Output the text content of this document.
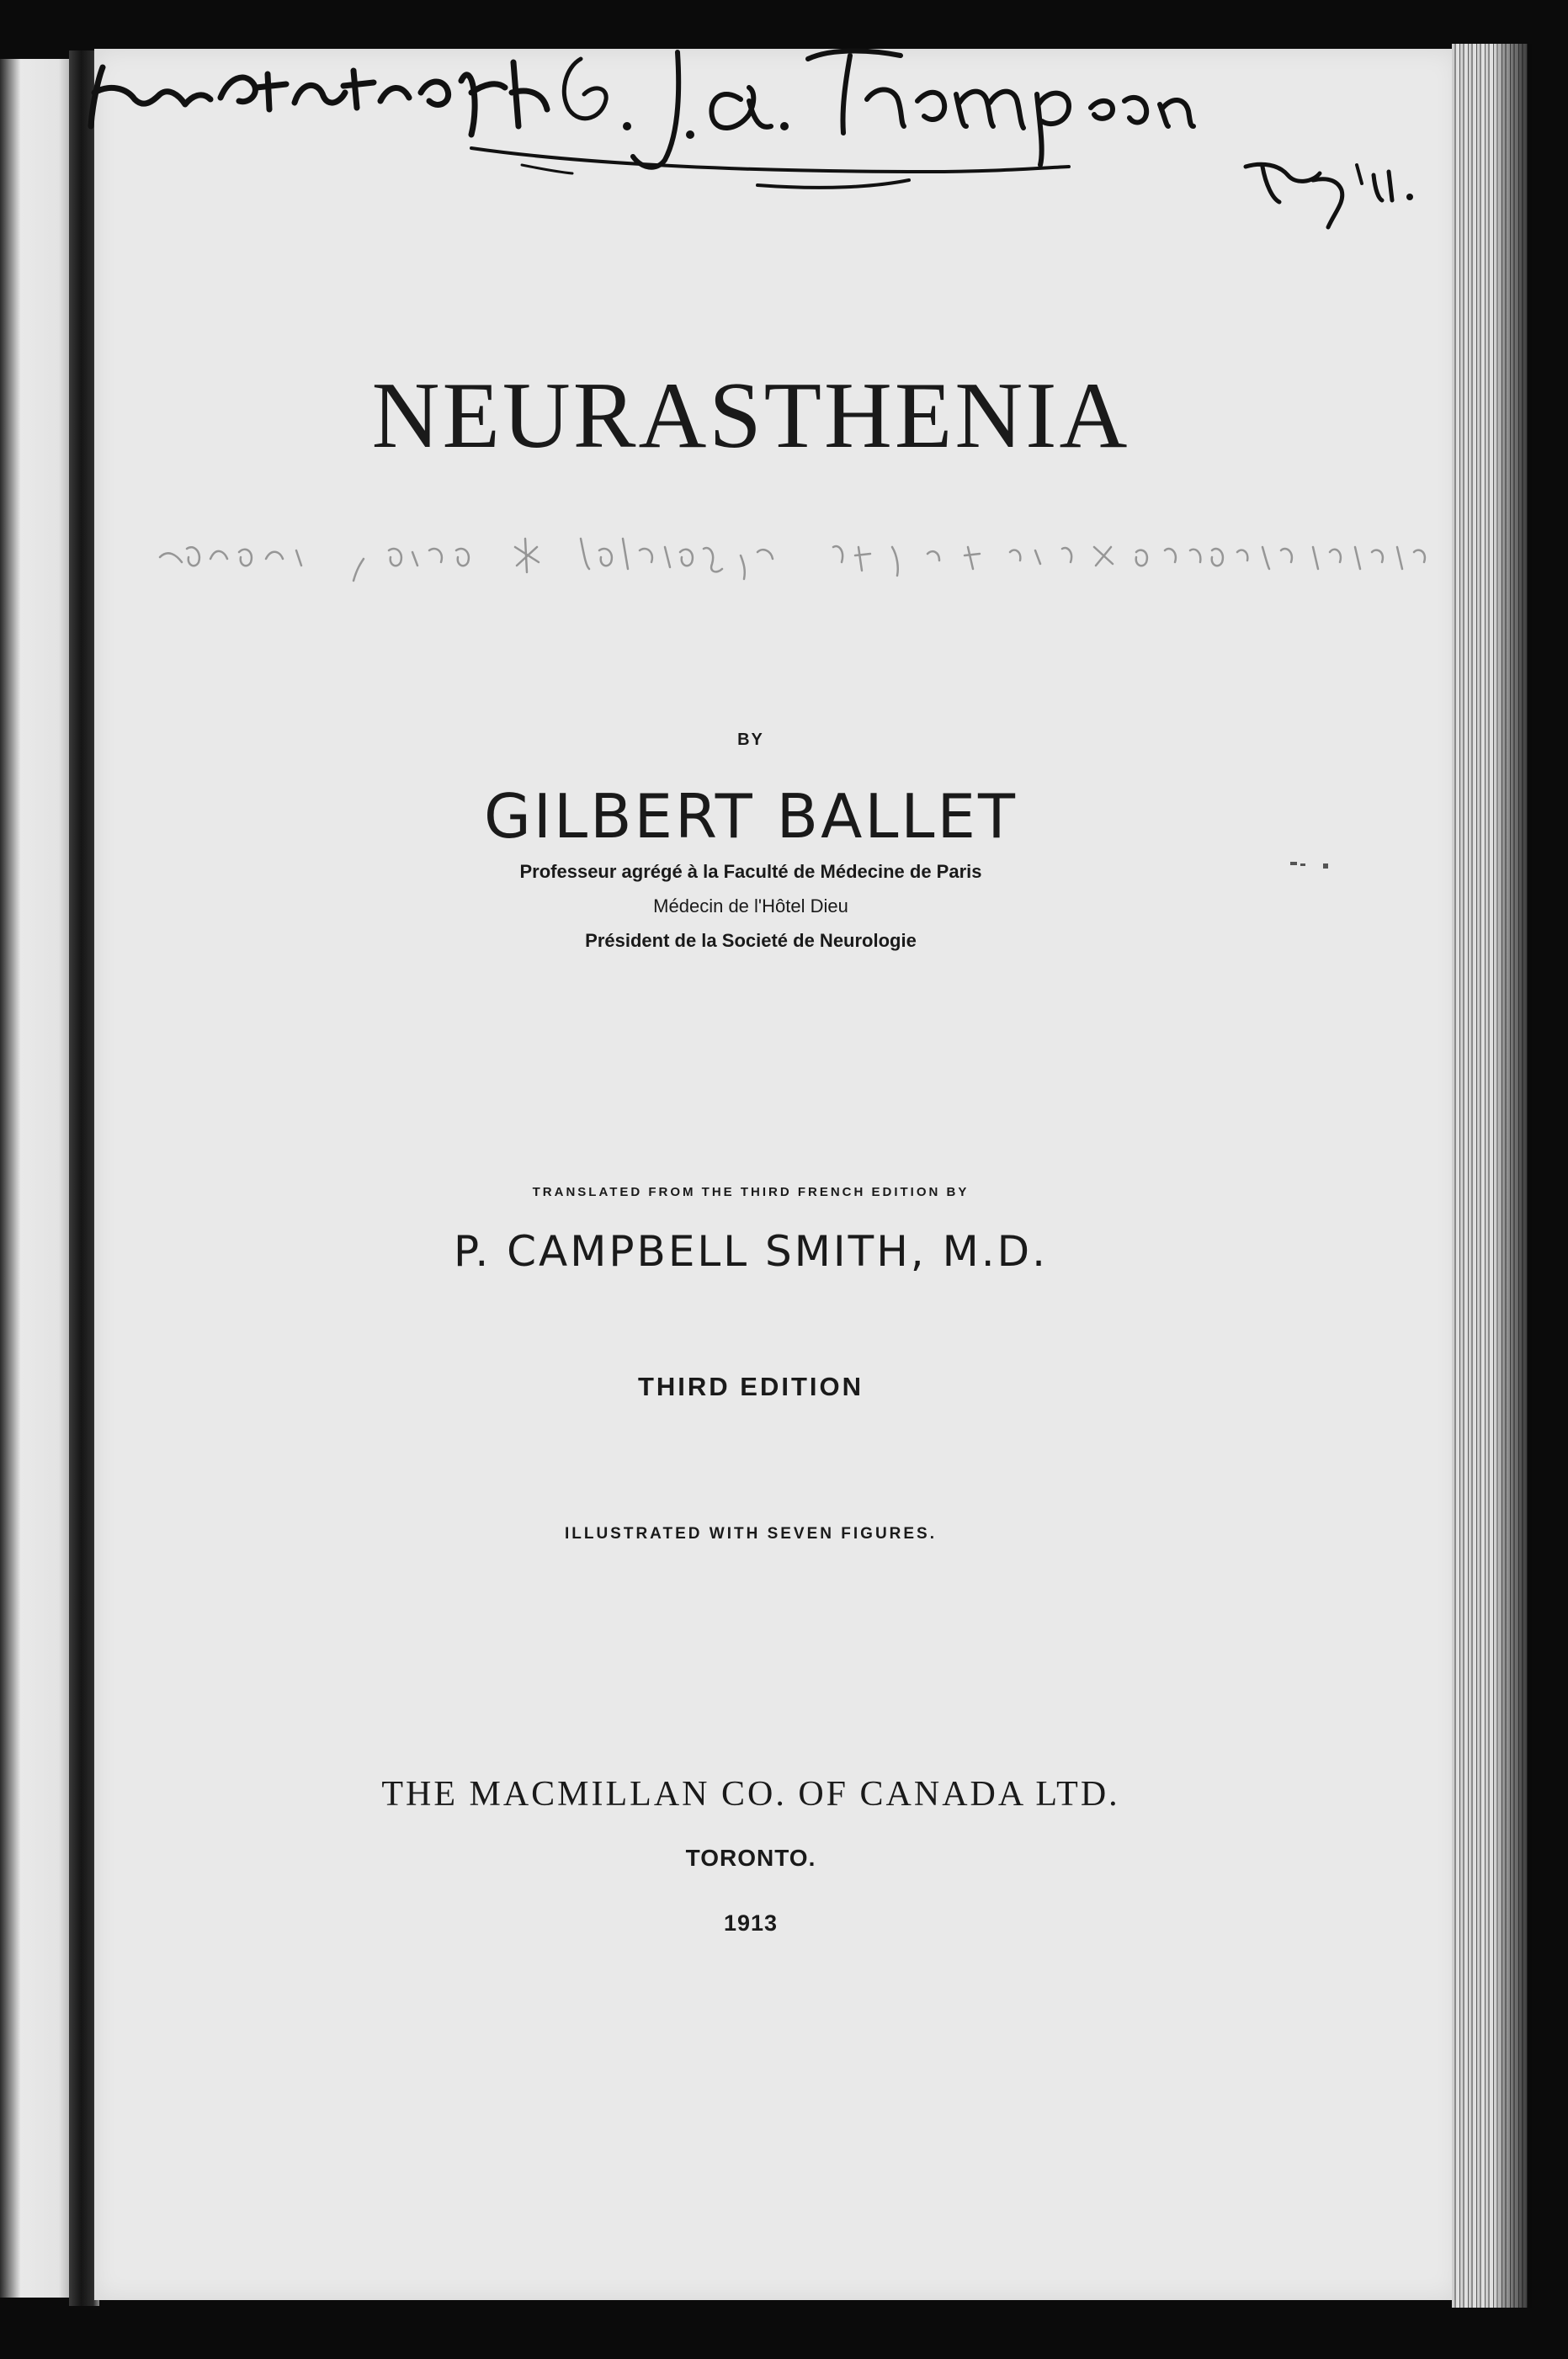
NEURASTHENIA
BY
GILBERT BALLET
Professeur agrégé à la Faculté de Médecine de Paris
Médecin de l'Hôtel Dieu
Président de la Societé de Neurologie
TRANSLATED FROM THE THIRD FRENCH EDITION BY
P. CAMPBELL SMITH, M.D.
THIRD EDITION
ILLUSTRATED WITH SEVEN FIGURES.
THE MACMILLAN CO. OF CANADA LTD.
TORONTO.
1913
